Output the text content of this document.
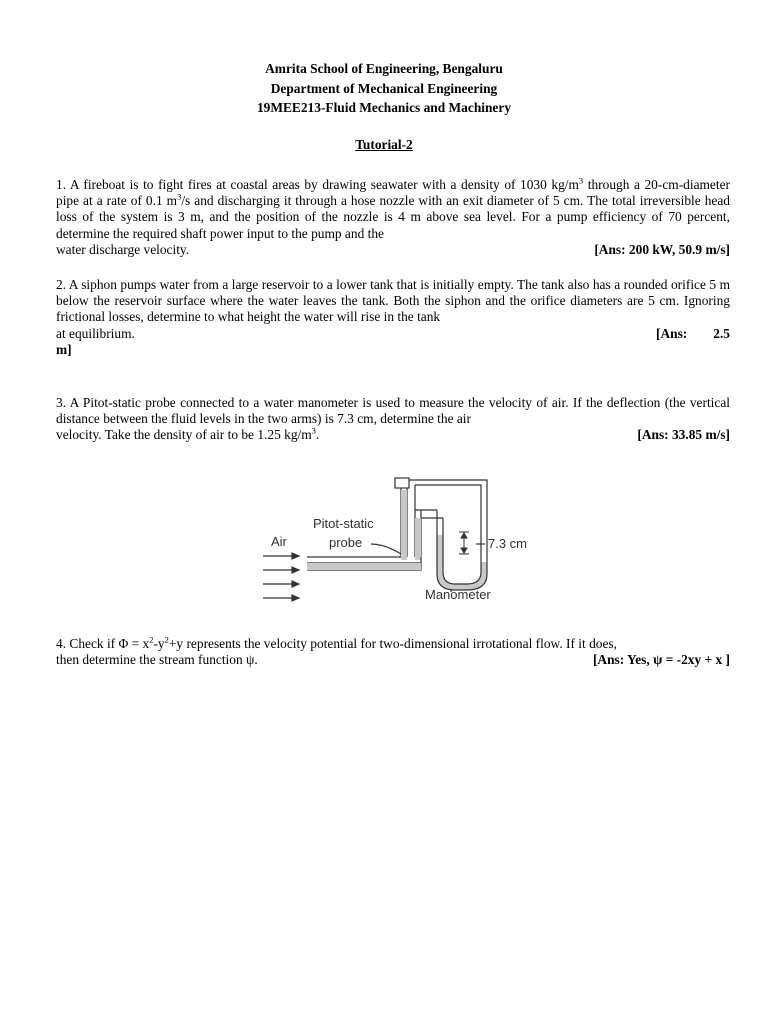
Amrita School of Engineering, Bengaluru
Department of Mechanical Engineering
19MEE213-Fluid Mechanics and Machinery
Tutorial-2

1. A fireboat is to fight fires at coastal areas by drawing seawater with a density of 1030 $kg/m^3$ through a 20-cm-diameter pipe at a rate of 0.1 $m^3/s$ and discharging it through a hose nozzle with an exit diameter of 5 cm. The total irreversible head loss of the system is 3 m, and the position of the nozzle is 4 m above sea level. For a pump efficiency of 70 percent, determine the required shaft power input to the pump and the

water discharge velocity.	[Ans: 200 kW, 50.9 m/s]

2. A siphon pumps water from a large reservoir to a lower tank that is initially empty. The tank also has a rounded orifice 5 m below the reservoir surface where the water leaves the tank. Both the siphon and the orifice diameters are 5 cm. Ignoring frictional losses, determine to what height the water will rise in the tank

at equilibrium.	[Ans: 2.5
m]

3. A Pitot-static probe connected to a water manometer is used to measure the velocity of air. If the deflection (the vertical distance between the fluid levels in the two arms) is 7.3 cm, determine the air

velocity. Take the density of air to be 1.25 $kg/m^3$.	[Ans: 33.85 m/s]
Air
Pitot-static
probe	7.3 cm
Manometer

4. Check if $\Phi = x^2-y^2+y$ represents the velocity potential for two-dimensional irrotational flow. If it does,

then determine the stream function ψ.	[Ans: Yes, ψ = -2xy + x ]
